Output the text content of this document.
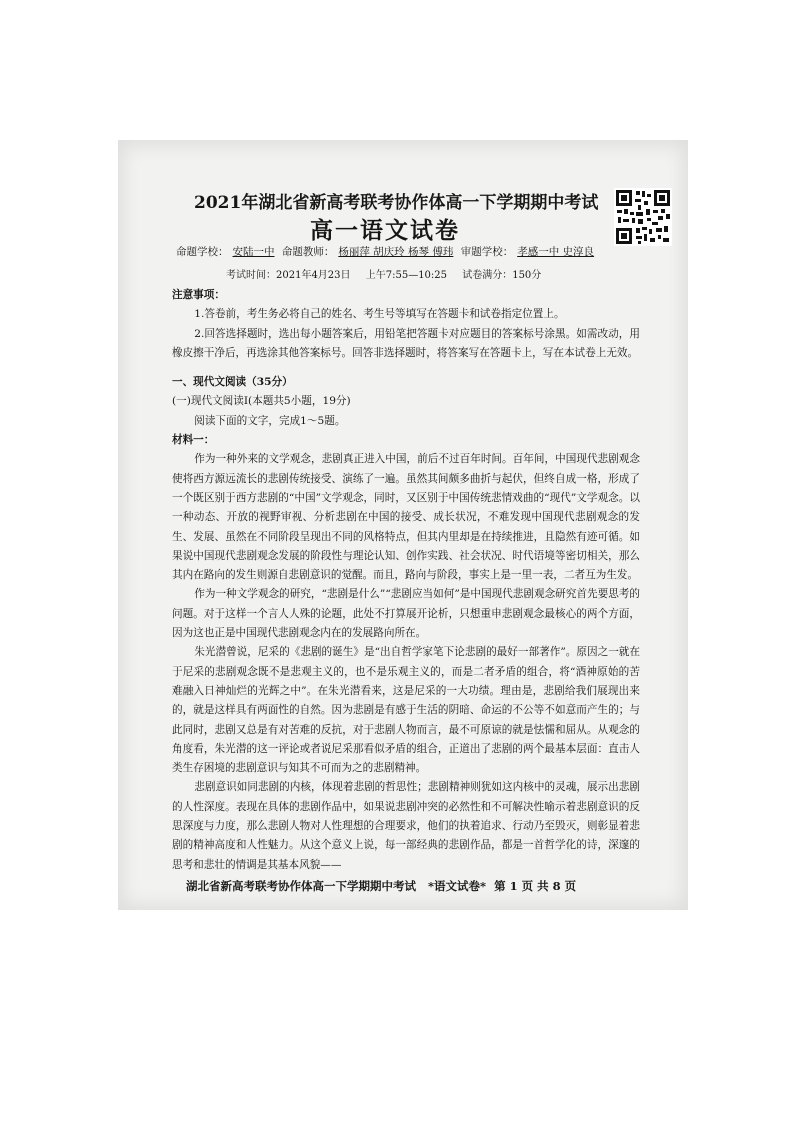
2021年湖北省新高考联考协作体高一下学期期中考试
高一语文试卷
命题学校： 安陆一中 命题教师： 杨丽萍 胡庆玲 杨琴 傅玮 审题学校： 孝感一中 史淳良
考试时间：2021年4月23日 上午7:55—10:25 试卷满分：150分

注意事项：

1.答卷前，考生务必将自己的姓名、考生号等填写在答题卡和试卷指定位置上。

2.回答选择题时，选出每小题答案后，用铅笔把答题卡对应题目的答案标号涂黑。如需改动，用橡皮擦干净后，再选涂其他答案标号。回答非选择题时，将答案写在答题卡上，写在本试卷上无效。

一、现代文阅读（35分）

(一)现代文阅读Ⅰ(本题共5小题，19分)

阅读下面的文字，完成1～5题。

材料一：

作为一种外来的文学观念，悲剧真正进入中国，前后不过百年时间。百年间，中国现代悲剧观念使将西方源远流长的悲剧传统接受、演练了一遍。虽然其间颇多曲折与起伏，但终自成一格，形成了一个既区别于西方悲剧的“中国”文学观念，同时，又区别于中国传统悲情戏曲的“现代”文学观念。以一种动态、开放的视野审视、分析悲剧在中国的接受、成长状况，不难发现中国现代悲剧观念的发生、发展、虽然在不同阶段呈现出不同的风格特点，但其内里却是在持续推进，且隐然有迹可循。如果说中国现代悲剧观念发展的阶段性与理论认知、创作实践、社会状况、时代语境等密切相关，那么其内在路向的发生则源自悲剧意识的觉醒。而且，路向与阶段，事实上是一里一表，二者互为生发。

作为一种文学观念的研究，“悲剧是什么”“悲剧应当如何”是中国现代悲剧观念研究首先要思考的问题。对于这样一个言人人殊的论题，此处不打算展开论析，只想重申悲剧观念最核心的两个方面，因为这也正是中国现代悲剧观念内在的发展路向所在。

朱光潜曾说，尼采的《悲剧的诞生》是“出自哲学家笔下论悲剧的最好一部著作”。原因之一就在于尼采的悲剧观念既不是悲观主义的，也不是乐观主义的，而是二者矛盾的组合，将“酒神原始的苦难融入日神灿烂的光辉之中”。在朱光潜看来，这是尼采的一大功绩。理由是，悲剧给我们展现出来的，就是这样具有两面性的自然。因为悲剧是有感于生活的阴暗、命运的不公等不如意而产生的；与此同时，悲剧又总是有对苦难的反抗，对于悲剧人物而言，最不可原谅的就是怯懦和屈从。从观念的角度看，朱光潜的这一评论或者说尼采那看似矛盾的组合，正道出了悲剧的两个最基本层面：直击人类生存困境的悲剧意识与知其不可而为之的悲剧精神。

悲剧意识如同悲剧的内核，体现着悲剧的哲思性；悲剧精神则犹如这内核中的灵魂，展示出悲剧的人性深度。表现在具体的悲剧作品中，如果说悲剧冲突的必然性和不可解决性喻示着悲剧意识的反思深度与力度，那么悲剧人物对人性理想的合理要求，他们的执着追求、行动乃至毁灭，则彰显着悲剧的精神高度和人性魅力。从这个意义上说，每一部经典的悲剧作品，都是一首哲学化的诗，深邃的思考和悲壮的情调是其基本风貌——

湖北省新高考联考协作体高一下学期期中考试 *语文试卷* 第 1 页 共 8 页
